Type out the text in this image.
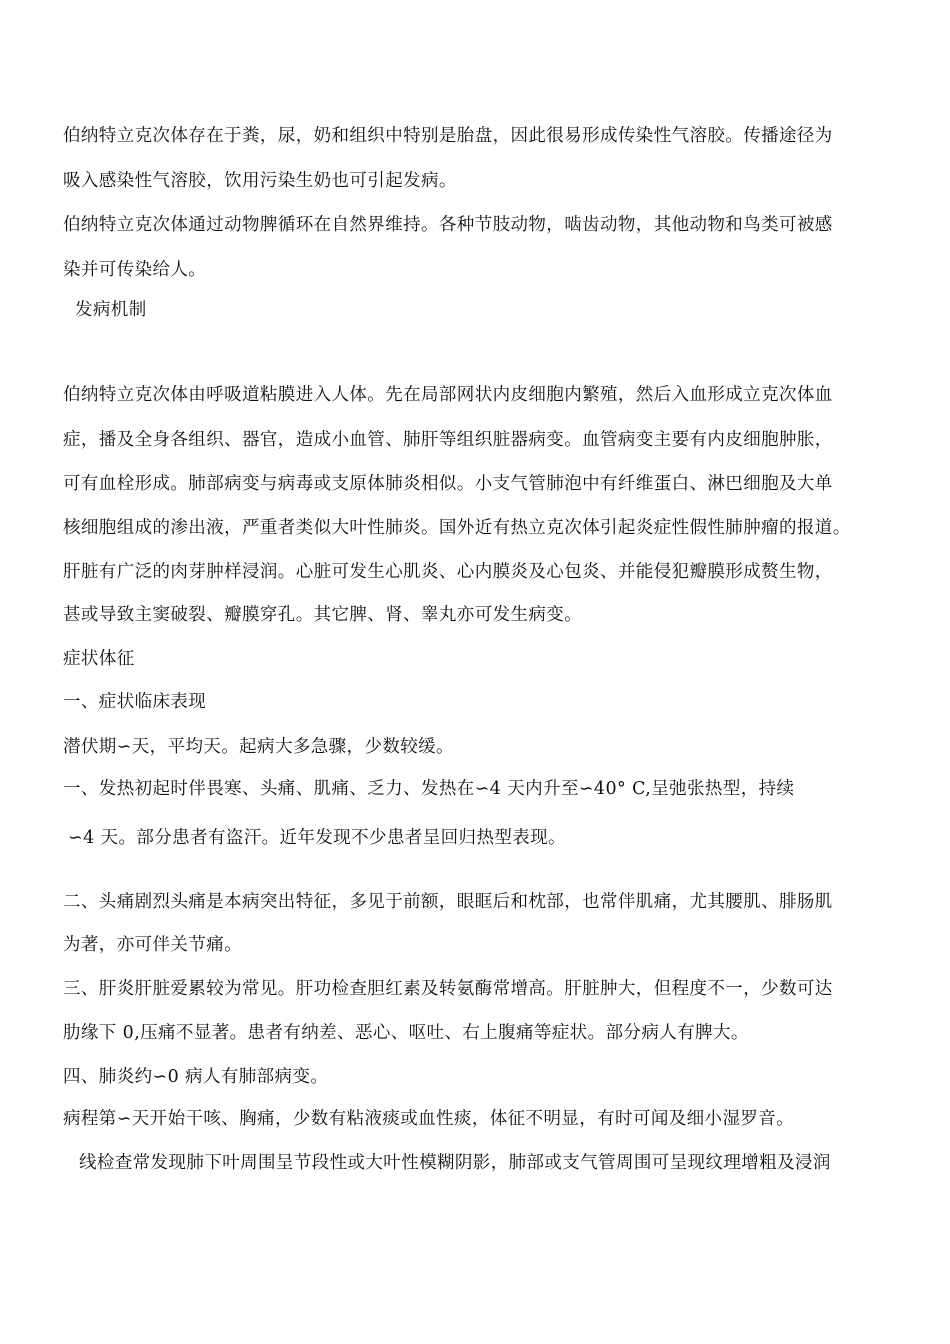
伯纳特立克次体存在于粪，尿，奶和组织中特别是胎盘，因此很易形成传染性气溶胶。传播途径为
吸入感染性气溶胶，饮用污染生奶也可引起发病。
伯纳特立克次体通过动物脾循环在自然界维持。各种节肢动物，啮齿动物，其他动物和鸟类可被感
染并可传染给人。
发病机制
伯纳特立克次体由呼吸道粘膜进入人体。先在局部网状内皮细胞内繁殖，然后入血形成立克次体血
症，播及全身各组织、器官，造成小血管、肺肝等组织脏器病变。血管病变主要有内皮细胞肿胀，
可有血栓形成。肺部病变与病毒或支原体肺炎相似。小支气管肺泡中有纤维蛋白、淋巴细胞及大单
核细胞组成的渗出液，严重者类似大叶性肺炎。国外近有热立克次体引起炎症性假性肺肿瘤的报道。
肝脏有广泛的肉芽肿样浸润。心脏可发生心肌炎、心内膜炎及心包炎、并能侵犯瓣膜形成赘生物，
甚或导致主窦破裂、瓣膜穿孔。其它脾、肾、睾丸亦可发生病变。
症状体征
一、症状临床表现
潜伏期∽天，平均天。起病大多急骤，少数较缓。
一、发热初起时伴畏寒、头痛、肌痛、乏力、发热在∽4 天内升至∽40° C,呈弛张热型，持续
∽4 天。部分患者有盗汗。近年发现不少患者呈回归热型表现。
二、头痛剧烈头痛是本病突出特征，多见于前额，眼眶后和枕部，也常伴肌痛，尤其腰肌、腓肠肌
为著，亦可伴关节痛。
三、肝炎肝脏爱累较为常见。肝功检查胆红素及转氨酶常增高。肝脏肿大，但程度不一，少数可达
肋缘下 0,压痛不显著。患者有纳差、恶心、呕吐、右上腹痛等症状。部分病人有脾大。
四、肺炎约∽0 病人有肺部病变。
病程第∽天开始干咳、胸痛，少数有粘液痰或血性痰，体征不明显，有时可闻及细小湿罗音。
线检查常发现肺下叶周围呈节段性或大叶性模糊阴影，肺部或支气管周围可呈现纹理增粗及浸润
